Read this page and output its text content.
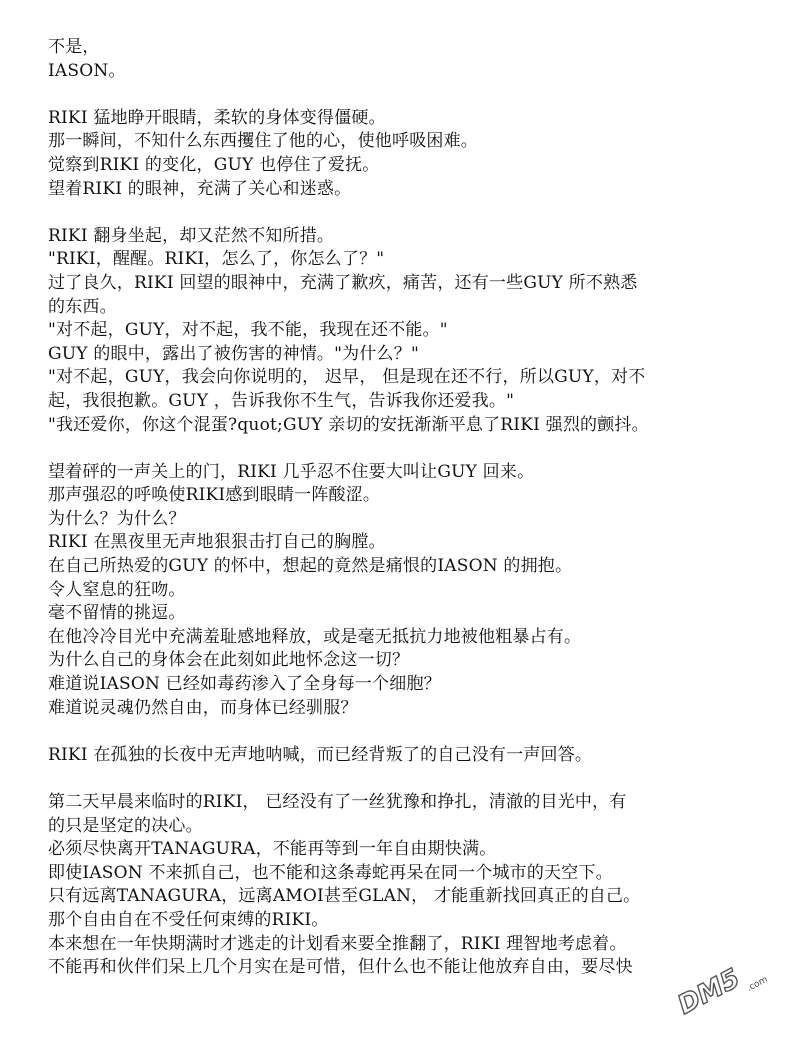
不是，
IASON。
RIKI 猛地睁开眼睛，柔软的身体变得僵硬。
那一瞬间，不知什么东西攫住了他的心，使他呼吸困难。
觉察到RIKI 的变化，GUY 也停住了爱抚。
望着RIKI 的眼神，充满了关心和迷惑。
RIKI 翻身坐起，却又茫然不知所措。
"RIKI，醒醒。RIKI，怎么了，你怎么了？"
过了良久，RIKI 回望的眼神中，充满了歉疚，痛苦，还有一些GUY 所不熟悉
的东西。
"对不起，GUY，对不起，我不能，我现在还不能。"
GUY 的眼中，露出了被伤害的神情。"为什么？"
"对不起，GUY，我会向你说明的， 迟早， 但是现在还不行，所以GUY，对不
起，我很抱歉。GUY ，告诉我你不生气，告诉我你还爱我。"
"我还爱你，你这个混蛋?quot;GUY 亲切的安抚渐渐平息了RIKI 强烈的颤抖。
望着砰的一声关上的门，RIKI 几乎忍不住要大叫让GUY 回来。
那声强忍的呼唤使RIKI感到眼睛一阵酸涩。
为什么？为什么？
RIKI 在黑夜里无声地狠狠击打自己的胸膛。
在自己所热爱的GUY 的怀中，想起的竟然是痛恨的IASON 的拥抱。
令人窒息的狂吻。
毫不留情的挑逗。
在他冷冷目光中充满羞耻感地释放，或是毫无抵抗力地被他粗暴占有。
为什么自己的身体会在此刻如此地怀念这一切？
难道说IASON 已经如毒药渗入了全身每一个细胞？
难道说灵魂仍然自由，而身体已经驯服？
RIKI 在孤独的长夜中无声地呐喊，而已经背叛了的自己没有一声回答。
第二天早晨来临时的RIKI， 已经没有了一丝犹豫和挣扎，清澈的目光中，有
的只是坚定的决心。
必须尽快离开TANAGURA，不能再等到一年自由期快满。
即使IASON 不来抓自己，也不能和这条毒蛇再呆在同一个城市的天空下。
只有远离TANAGURA，远离AMOI甚至GLAN， 才能重新找回真正的自己。
那个自由自在不受任何束缚的RIKI。
本来想在一年快期满时才逃走的计划看来要全推翻了，RIKI 理智地考虑着。
不能再和伙伴们呆上几个月实在是可惜，但什么也不能让他放弃自由，要尽快	DM5 .com
